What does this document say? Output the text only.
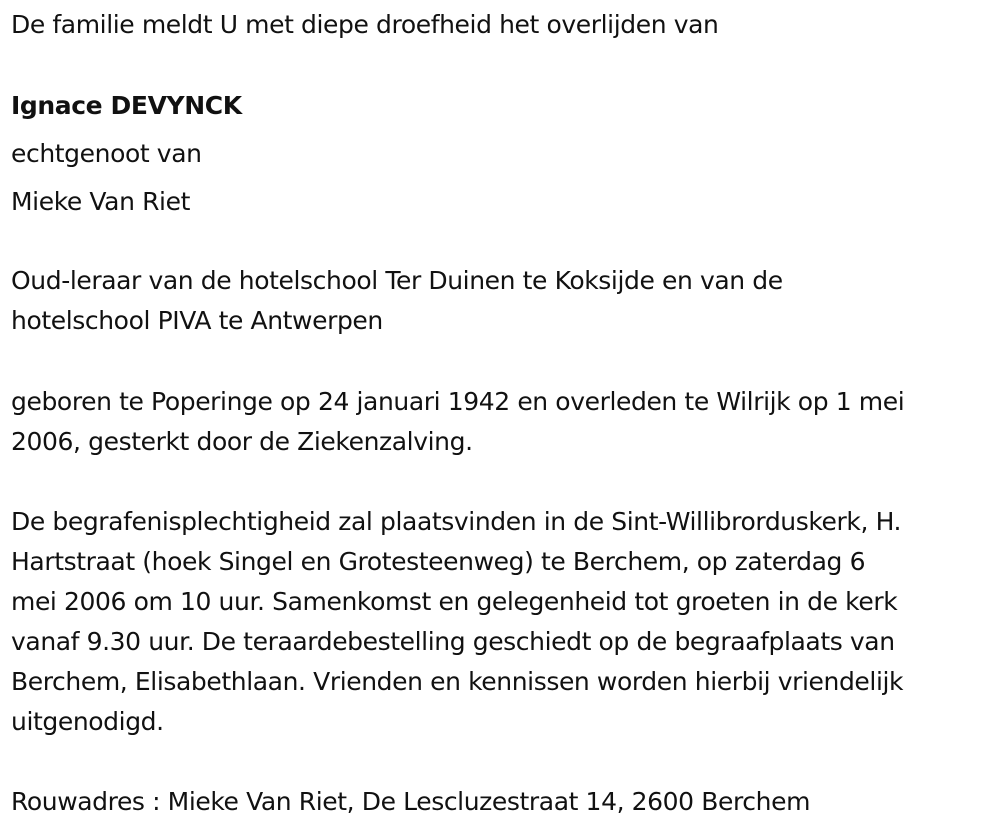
De familie meldt U met diepe droefheid het overlijden van
Ignace DEVYNCK
echtgenoot van
Mieke Van Riet
Oud-leraar van de hotelschool Ter Duinen te Koksijde en van de
hotelschool PIVA te Antwerpen
geboren te Poperinge op 24 januari 1942 en overleden te Wilrijk op 1 mei
2006, gesterkt door de Ziekenzalving.
De begrafenisplechtigheid zal plaatsvinden in de Sint-Willibrorduskerk, H.
Hartstraat (hoek Singel en Grotesteenweg) te Berchem, op zaterdag 6
mei 2006 om 10 uur. Samenkomst en gelegenheid tot groeten in de kerk
vanaf 9.30 uur. De teraardebestelling geschiedt op de begraafplaats van
Berchem, Elisabethlaan. Vrienden en kennissen worden hierbij vriendelijk
uitgenodigd.
Rouwadres : Mieke Van Riet, De Lescluzestraat 14, 2600 Berchem
